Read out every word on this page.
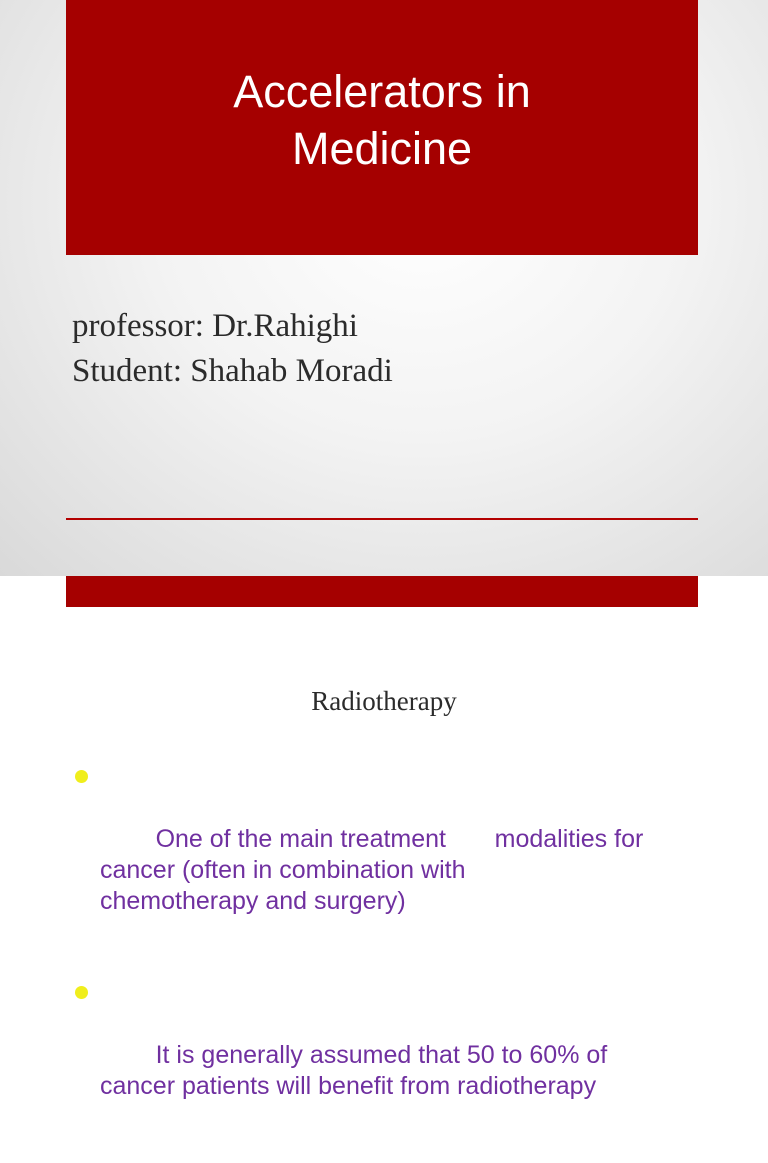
Accelerators in
Medicine
professor: Dr.Rahighi
Student: Shahab Moradi
Radiotherapy

One of the main treatment       modalities for
cancer (often in combination with
chemotherapy and surgery)

It is generally assumed that 50 to 60% of
cancer patients will benefit from radiotherapy
